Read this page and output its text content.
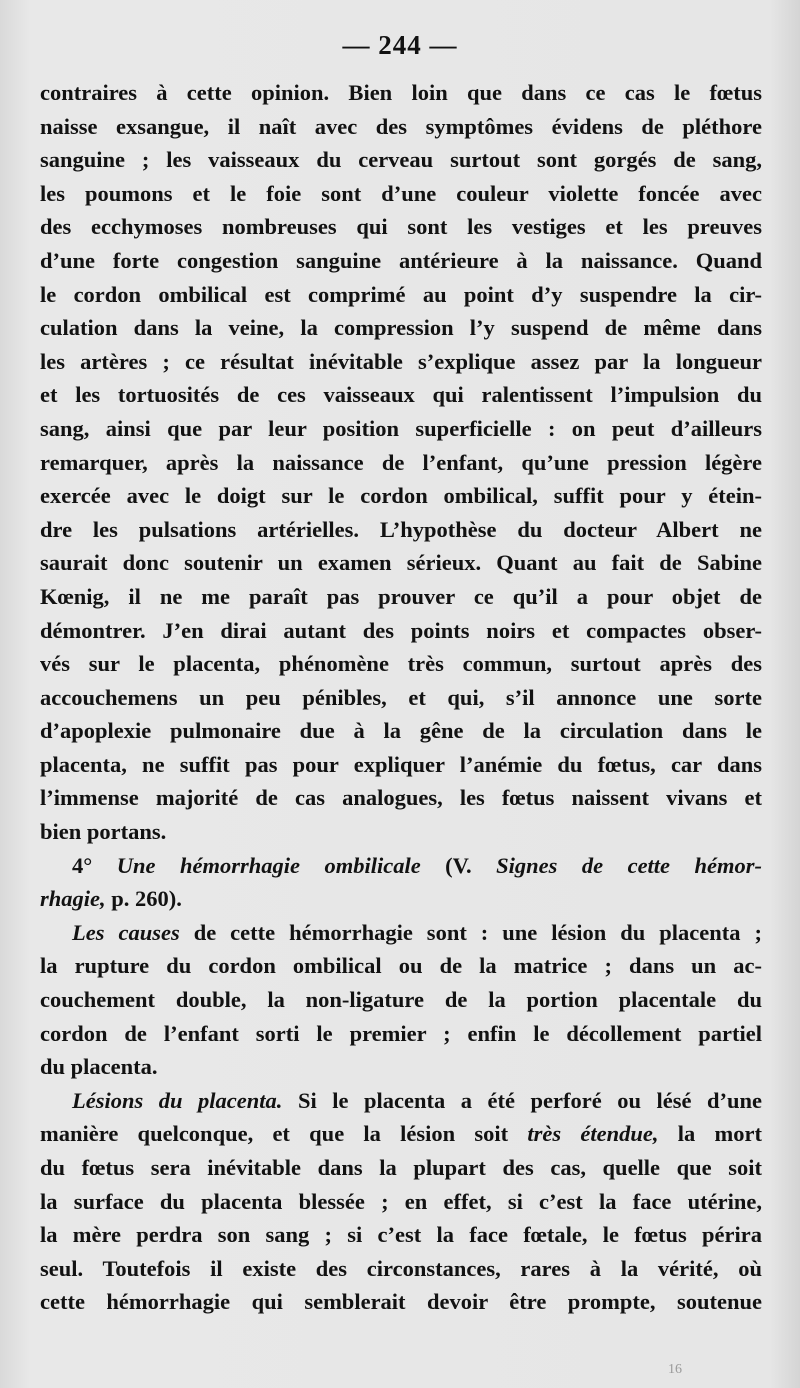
— 244 —
contraires à cette opinion. Bien loin que dans ce cas le fœtus
naisse exsangue, il naît avec des symptômes évidens de pléthore
sanguine ; les vaisseaux du cerveau surtout sont gorgés de sang,
les poumons et le foie sont d’une couleur violette foncée avec
des ecchymoses nombreuses qui sont les vestiges et les preuves
d’une forte congestion sanguine antérieure à la naissance. Quand
le cordon ombilical est comprimé au point d’y suspendre la cir-
culation dans la veine, la compression l’y suspend de même dans
les artères ; ce résultat inévitable s’explique assez par la longueur
et les tortuosités de ces vaisseaux qui ralentissent l’impulsion du
sang, ainsi que par leur position superficielle : on peut d’ailleurs
remarquer, après la naissance de l’enfant, qu’une pression légère
exercée avec le doigt sur le cordon ombilical, suffit pour y étein-
dre les pulsations artérielles. L’hypothèse du docteur Albert ne
saurait donc soutenir un examen sérieux. Quant au fait de Sabine
Kœnig, il ne me paraît pas prouver ce qu’il a pour objet de
démontrer. J’en dirai autant des points noirs et compactes obser-
vés sur le placenta, phénomène très commun, surtout après des
accouchemens un peu pénibles, et qui, s’il annonce une sorte
d’apoplexie pulmonaire due à la gêne de la circulation dans le
placenta, ne suffit pas pour expliquer l’anémie du fœtus, car dans
l’immense majorité de cas analogues, les fœtus naissent vivans et
bien portans.
4° Une hémorrhagie ombilicale (V. Signes de cette hémor-
rhagie, p. 260).
Les causes de cette hémorrhagie sont : une lésion du placenta ;
la rupture du cordon ombilical ou de la matrice ; dans un ac-
couchement double, la non-ligature de la portion placentale du
cordon de l’enfant sorti le premier ; enfin le décollement partiel
du placenta.
Lésions du placenta. Si le placenta a été perforé ou lésé d’une
manière quelconque, et que la lésion soit très étendue, la mort
du fœtus sera inévitable dans la plupart des cas, quelle que soit
la surface du placenta blessée ; en effet, si c’est la face utérine,
la mère perdra son sang ; si c’est la face fœtale, le fœtus périra
seul. Toutefois il existe des circonstances, rares à la vérité, où
cette hémorrhagie qui semblerait devoir être prompte, soutenue
16
